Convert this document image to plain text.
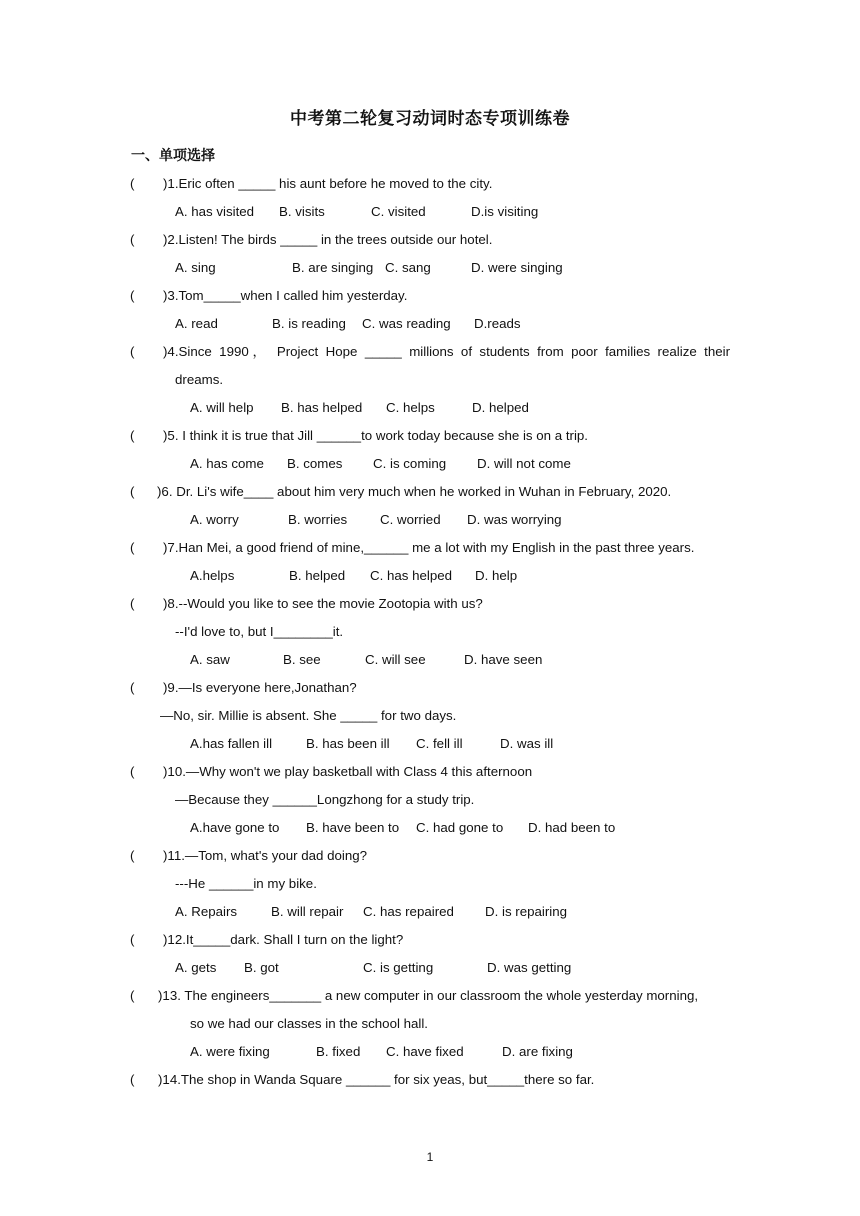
中考第二轮复习动词时态专项训练卷
一、单项选择
(	)1.Eric often _____ his aunt before he moved to the city.
A. has visited	B. visits	C. visited	D.is visiting
(	)2.Listen! The birds _____ in the trees outside our hotel.
A. sing	B. are singing C. sang	D. were singing
(	)3.Tom_____when I called him yesterday.
A. read	B. is reading	C. was reading	D.reads
(	)4.Since 1990， Project Hope _____ millions of students from poor families realize their
dreams.
A. will help	B. has helped	C. helps	D. helped
(	)5. I think it is true that Jill ______to work today because she is on a trip.
A. has come	B. comes	C. is coming	D. will not come
(	)6. Dr. Li's wife____ about him very much when he worked in Wuhan in February, 2020.
A. worry	B. worries	C. worried	D. was worrying
(	)7.Han Mei, a good friend of mine,______ me a lot with my English in the past three years.
A.helps	B. helped	C. has helped	D. help
(	)8.--Would you like to see the movie Zootopia with us?
--I'd love to, but I________it.
A. saw	B. see	C. will see	D. have seen
(	)9.—Is everyone here,Jonathan?
—No, sir. Millie is absent. She _____ for two days.
A.has fallen ill	B. has been ill	C. fell ill	D. was ill
(	)10.—Why won't we play basketball with Class 4 this afternoon
—Because they ______Longzhong for a study trip.
A.have gone to	B. have been to	C. had gone to	D. had been to
(	)11.—Tom, what's your dad doing?
---He ______in my bike.
A. Repairs	B. will repair	C. has repaired	D. is repairing
(	)12.It_____dark. Shall I turn on the light?
A. gets	B. got	C. is getting	D. was getting
(	)13. The engineers_______ a new computer in our classroom the whole yesterday morning,
so we had our classes in the school hall.
A. were fixing	B. fixed	C. have fixed	D. are fixing
(	)14.The shop in Wanda Square ______ for six yeas, but_____there so far.
1
